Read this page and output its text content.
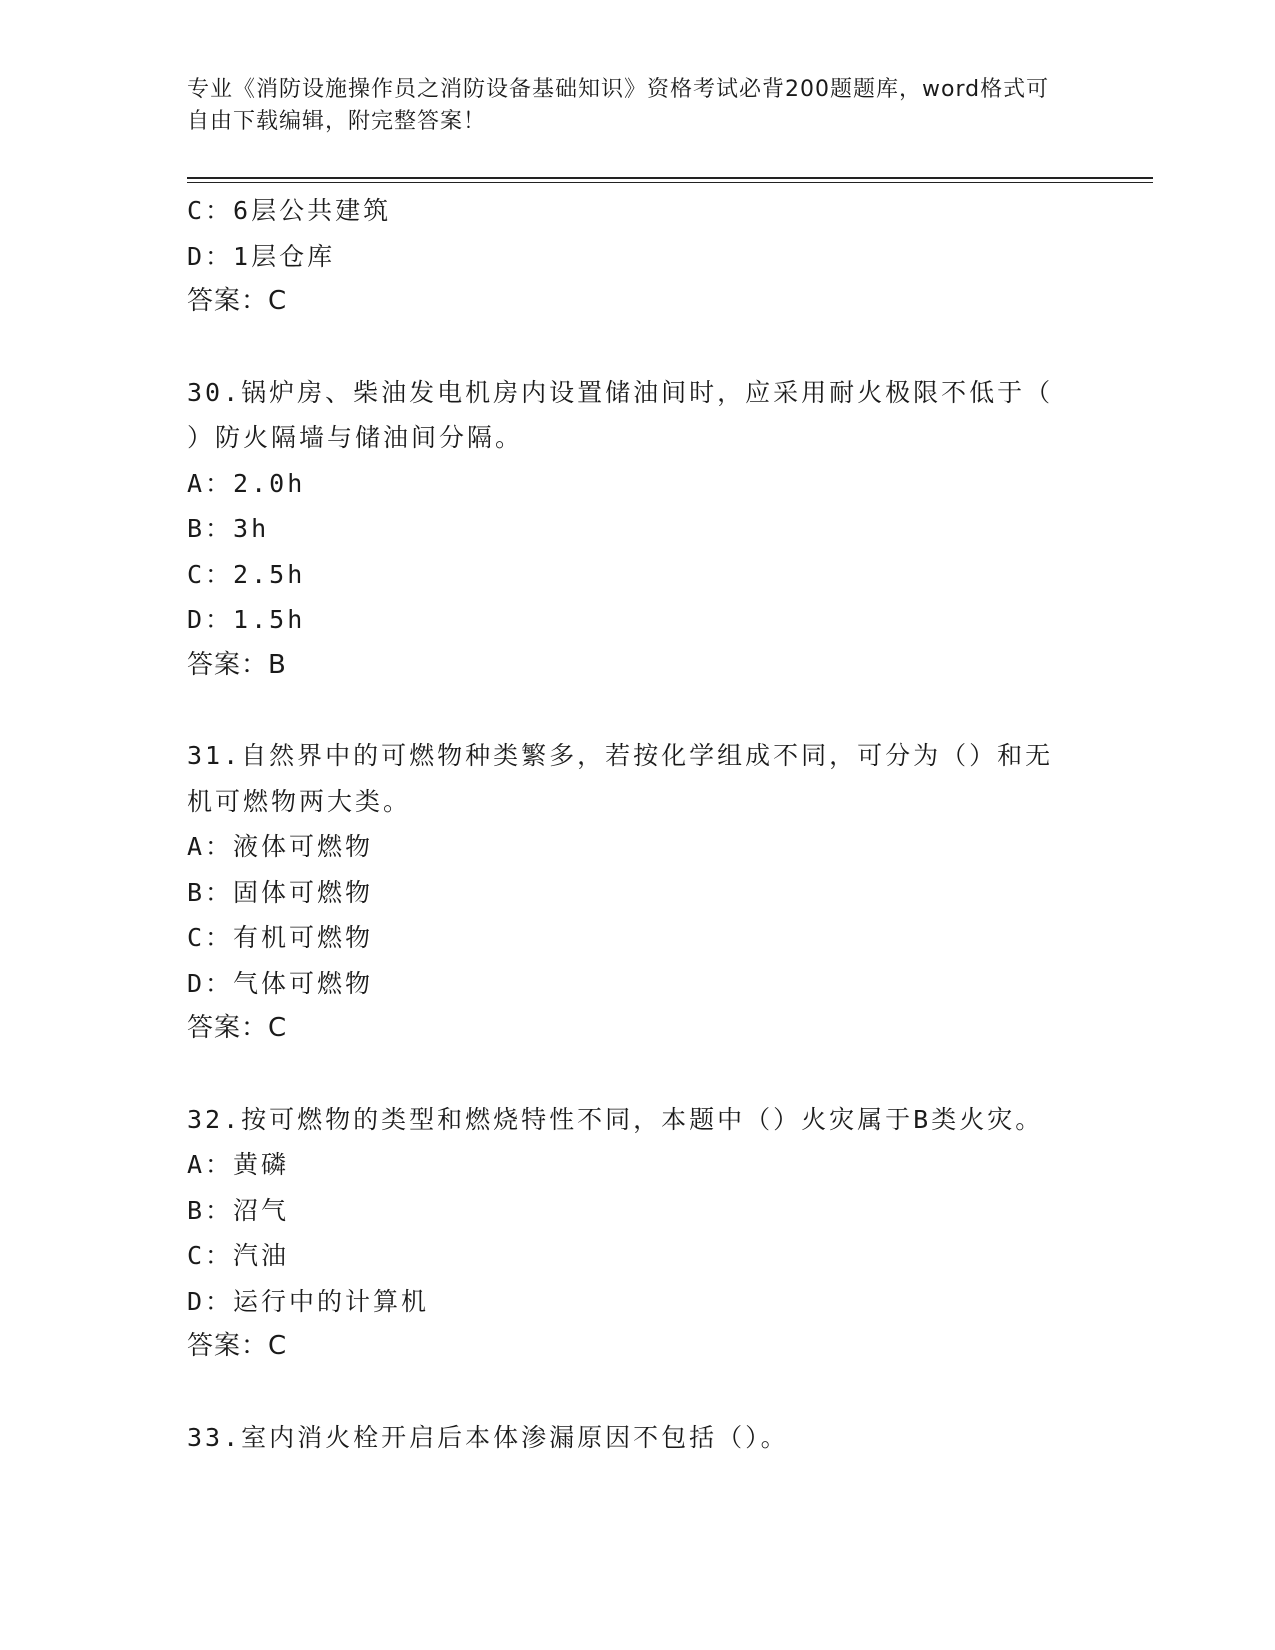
专业《消防设施操作员之消防设备基础知识》资格考试必背200题题库，word格式可自由下载编辑，附完整答案！
C：6层公共建筑
D：1层仓库
答案：C
30.锅炉房、柴油发电机房内设置储油间时，应采用耐火极限不低于（
）防火隔墙与储油间分隔。
A：2.0h
B：3h
C：2.5h
D：1.5h
答案：B
31.自然界中的可燃物种类繁多，若按化学组成不同，可分为（）和无
机可燃物两大类。
A：液体可燃物
B：固体可燃物
C：有机可燃物
D：气体可燃物
答案：C
32.按可燃物的类型和燃烧特性不同，本题中（）火灾属于B类火灾。
A：黄磷
B：沼气
C：汽油
D：运行中的计算机
答案：C
33.室内消火栓开启后本体渗漏原因不包括（）。
